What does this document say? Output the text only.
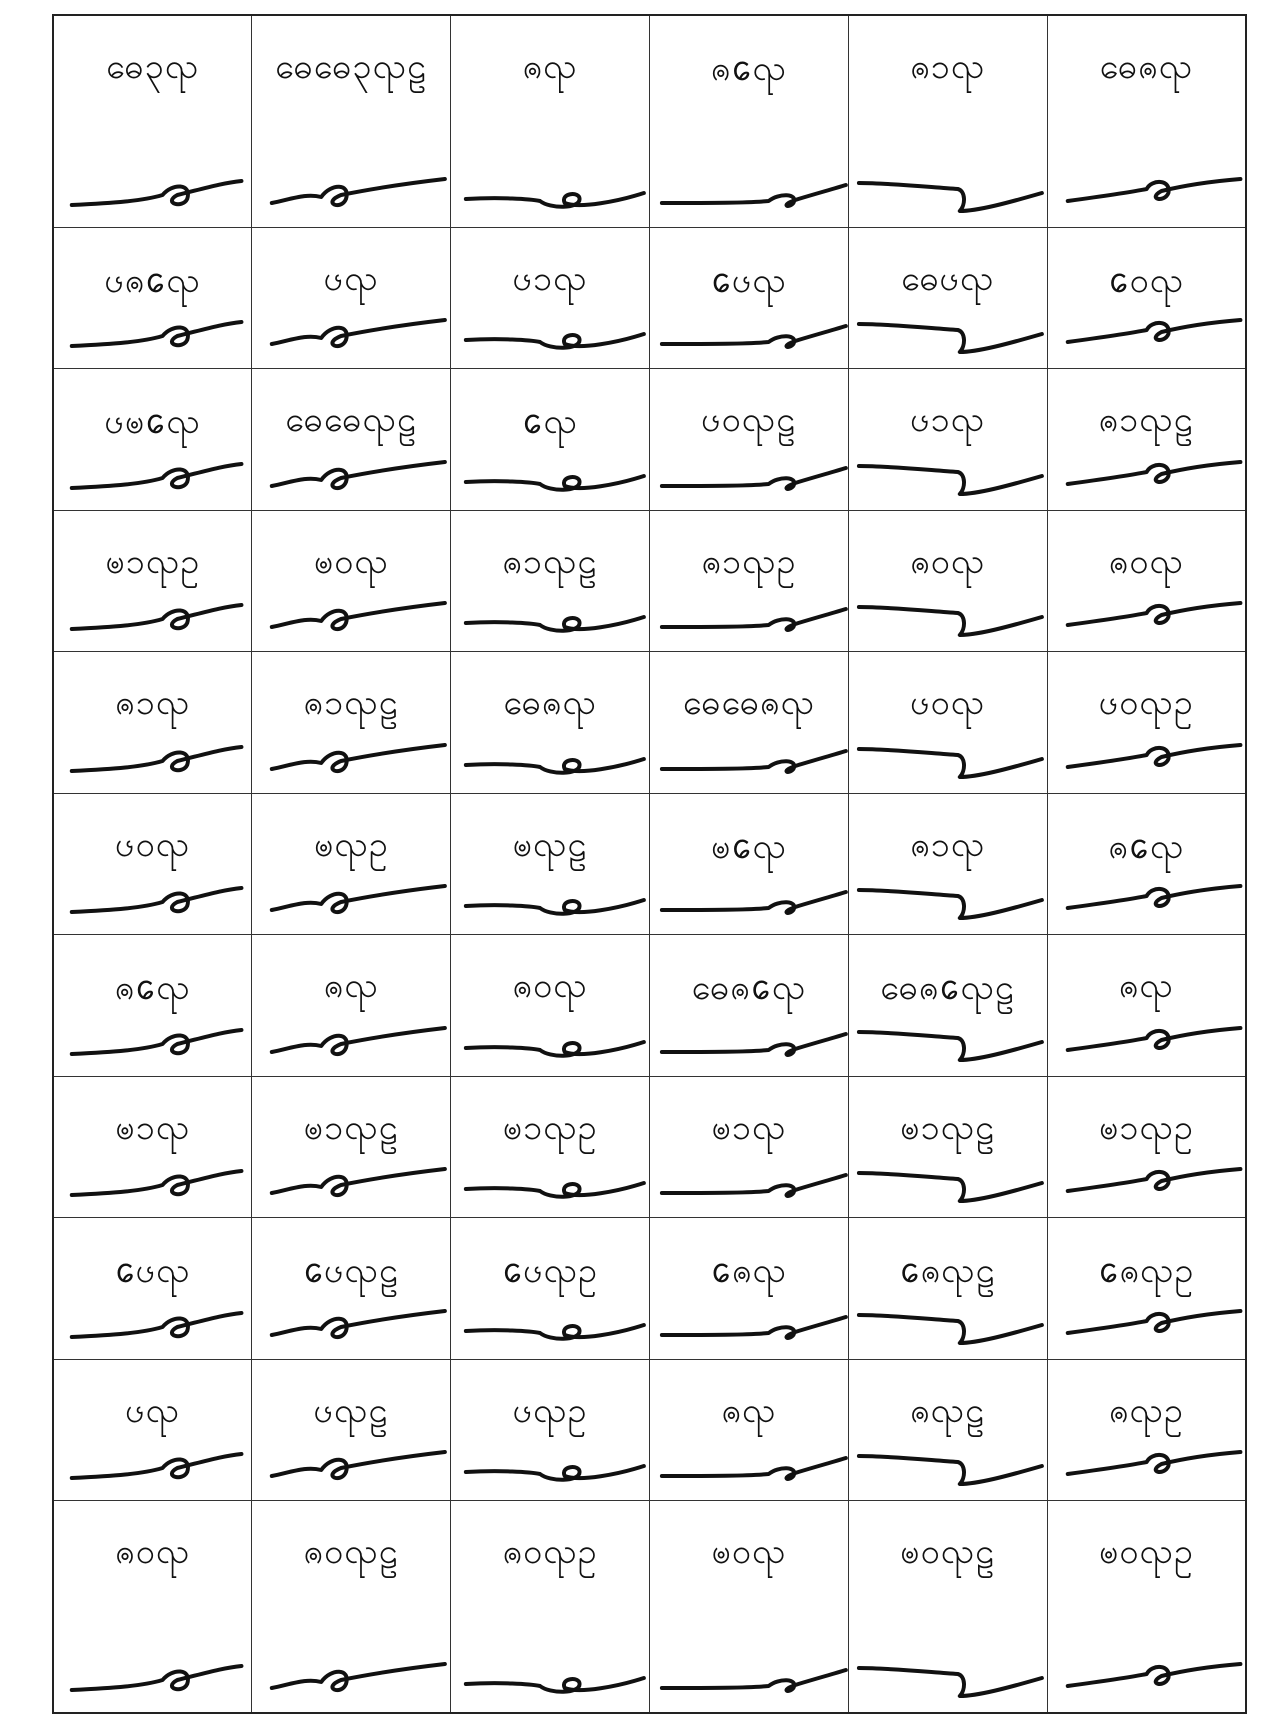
ဓေ၃ၺ	ဓေဓေ၃ၺဠ	ၐၺ	ၐᩮၺ	ၐ၁ၺ	ဓေၐၺ

ၒၐᩮၺ	ၒၺ	ၒ၁ၺ	ᩮၒၺ	ဓေၒၺ	ᩮ၀ၺ

ၒၑᩮၺ	ဓေဓေၺဠ	ᩮၺ	ၒ၀ၺဠ	ၒ၁ၺ	ၐ၁ၺဠ

ၑ၁ၺဥ	ၑ၀ၺ	ၐ၁ၺဠ	ၐ၁ၺဥ	ၐ၀ၺ	ၐ၀ၺ

ၐ၁ၺ	ၐ၁ၺဠ	ဓေၐၺ	ဓေဓေၐၺ	ၒ၀ၺ	ၒ၀ၺဥ

ၒ၀ၺ	ၑၺဥ	ၑၺဠ	ၑᩮၺ	ၐ၁ၺ	ၐᩮၺ

ၐᩮၺ	ၐၺ	ၐ၀ၺ	ဓေၐᩮၺ	ဓေၐᩮၺဠ	ၐၺ

ၑ၁ၺ	ၑ၁ၺဠ	ၑ၁ၺဥ	ၑ၁ၺ	ၑ၁ၺဠ	ၑ၁ၺဥ

ᩮၒၺ	ᩮၒၺဠ	ᩮၒၺဥ	ᩮၐၺ	ᩮၐၺဠ	ᩮၐၺဥ

ၒၺ	ၒၺဠ	ၒၺဥ	ၐၺ	ၐၺဠ	ၐၺဥ

ၐ၀ၺ	ၐ၀ၺဠ	ၐ၀ၺဥ	ၑ၀ၺ	ၑ၀ၺဠ	ၑ၀ၺဥ
